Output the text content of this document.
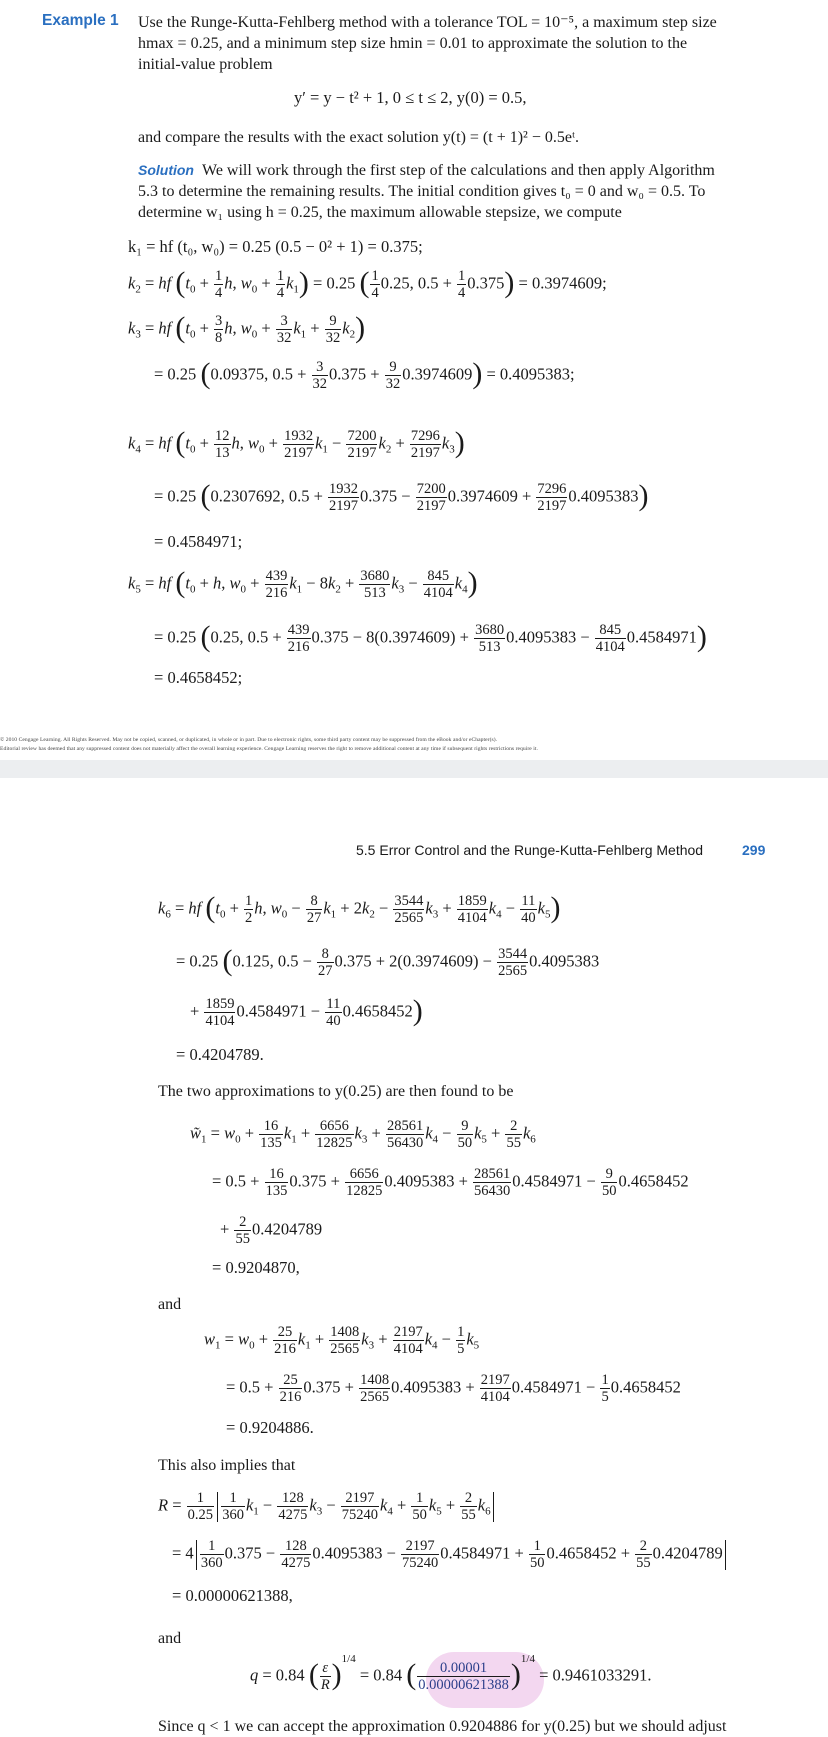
Example 1 Use the Runge-Kutta-Fehlberg method with a tolerance TOL = 10⁻⁵, a maximum step size
hmax = 0.25, and a minimum step size hmin = 0.01 to approximate the solution to the
initial-value problem
y′ = y − t² + 1, 0 ≤ t ≤ 2, y(0) = 0.5,
and compare the results with the exact solution y(t) = (t + 1)² − 0.5eᵗ.
Solution We will work through the first step of the calculations and then apply Algorithm
5.3 to determine the remaining results. The initial condition gives t₀ = 0 and w₀ = 0.5. To
determine w₁ using h = 0.25, the maximum allowable stepsize, we compute
k₁ = hf (t₀, w₀) = 0.25 (0.5 − 0² + 1) = 0.375;
$k_2$ = hf ($t_0 + \frac{1}{4} h$, $w_0 + \frac{1}{4} k_1) = 0.25$ ( $\frac{1}{4} 0.25$, $0.5 + \frac{1}{4} 0.375) = 0.3974609$;
$k_3$ = hf ($t_0 + \frac{3}{8} h$, $w_0 + \frac{3}{32} k_1 + \frac{9}{32} k_2$)
= 0.25 (0.09375, $0.5 + \frac{3}{32} 0.375 + \frac{9}{32} 0.3974609) = 0.4095383$;
$k_4$ = hf ($t_0 + \frac{12}{13} h$, $w_0 + \frac{1932}{2197} k_1 - \frac{7200}{2197} k_2 + \frac{7296}{2197} k_3$)
= 0.25 (0.2307692, $0.5 + \frac{1932}{2197} 0.375 - \frac{7200}{2197} 0.3974609 + \frac{7296}{2197} 0.4095383$)
= 0.4584971;
$k_5$ = hf ($t_0 + h$, $w_0 + \frac{439}{216} k_1 - 8k_2 + \frac{3680}{513} k_3 - \frac{845}{4104} k_4$)
= 0.25 (0.25, $0.5 + \frac{439}{216} 0.375 - 8(0.3974609) + \frac{3680}{513} 0.4095383 - \frac{845}{4104} 0.4584971$)
= 0.4658452;
© 2010 Cengage Learning. All Rights Reserved. May not be copied, scanned, or duplicated, in whole or in part. Due to electronic rights, some third party content may be suppressed from the eBook and/or eChapter(s).
Editorial review has deemed that any suppressed content does not materially affect the overall learning experience. Cengage Learning reserves the right to remove additional content at any time if subsequent rights restrictions require it.
5.5 Error Control and the Runge-Kutta-Fehlberg Method	299
$k_6$ = hf ($t_0 + \frac{1}{2} h$, $w_0 - \frac{8}{27} k_1 + 2k_2 - \frac{3544}{2565} k_3 + \frac{1859}{4104} k_4 - \frac{11}{40} k_5$)
= 0.25 (0.125, $0.5 - \frac{8}{27} 0.375 + 2(0.3974609) - \frac{3544}{2565} 0.4095383$
+ $\frac{1859}{4104} 0.4584971 - \frac{11}{40} 0.4658452$)
= 0.4204789.
The two approximations to y(0.25) are then found to be
$w̃_1 = w_0 + \frac{16}{135} k_1 + \frac{6656}{12825} k_3 + \frac{28561}{56430} k_4 - \frac{9}{50} k_5 + \frac{2}{55} k_6$
= $0.5 + \frac{16}{135} 0.375 + \frac{6656}{12825} 0.4095383 + \frac{28561}{56430} 0.4584971 - \frac{9}{50} 0.4658452$
+ $\frac{2}{55} 0.4204789$
= 0.9204870,
and
$w_1 = w_0 + \frac{25}{216} k_1 + \frac{1408}{2565} k_3 + \frac{2197}{4104} k_4 - \frac{1}{5} k_5$
= $0.5 + \frac{25}{216} 0.375 + \frac{1408}{2565} 0.4095383 + \frac{2197}{4104} 0.4584971 - \frac{1}{5} 0.4658452$
= 0.9204886.
This also implies that
$R = \frac{1}{0.25} \frac{1}{360} k_1 - \frac{128}{4275} k_3 - \frac{2197}{75240} k_4 + \frac{1}{50} k_5 + \frac{2}{55} k_6$
= $4 \frac{1}{360} 0.375 - \frac{128}{4275} 0.4095383 - \frac{2197}{75240} 0.4584971 + \frac{1}{50} 0.4658452 + \frac{2}{55} 0.4204789$
= 0.00000621388,
and
q = 0.84 ( $\frac{\varepsilon}{R} )^{1/4} = 0.84$ ( $\frac{0.00001}{0.00000621388} )^{1/4} = 0.9461033291$.
Since q < 1 we can accept the approximation 0.9204886 for y(0.25) but we should adjust
